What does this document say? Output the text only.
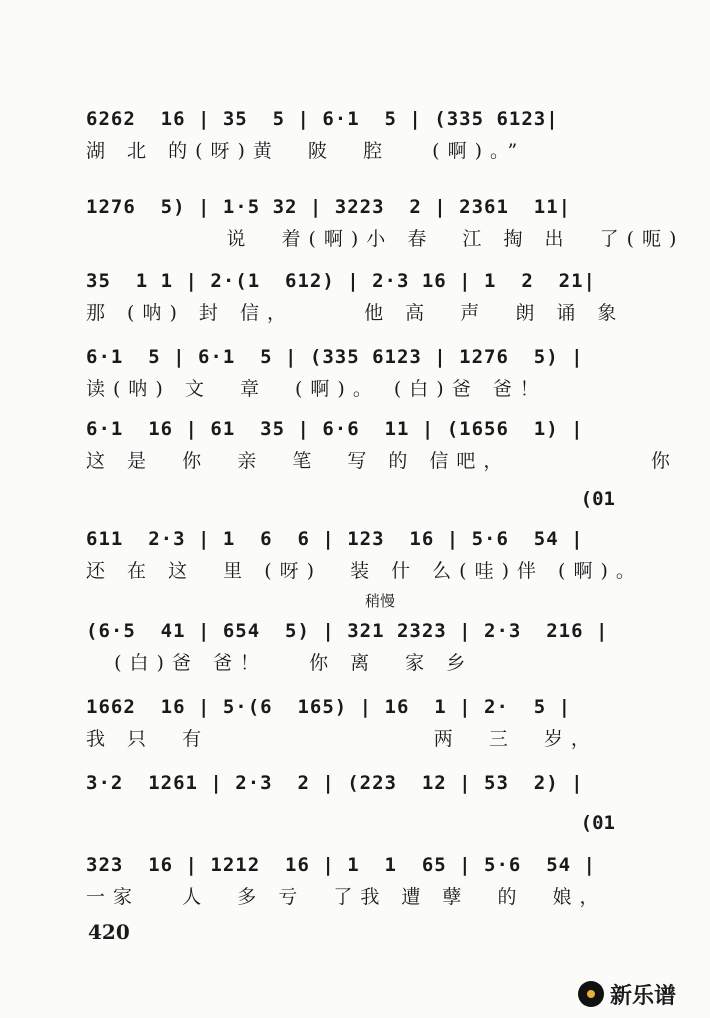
6262  16 | 35  5 | 6·1  5 | (335 6123|
湖 北 的(呀)黄  陂  腔   (啊)。”
1276  5) | 1·5 32 | 3223  2 | 2361  11|
说  着(啊)小 春  江 掏 出  了(呃)
35  1 1 | 2·(1  612) | 2·3 16 | 1  2  21|
那 (呐) 封 信，     他 高  声  朗 诵 象
6·1  5 | 6·1  5 | (335 6123 | 1276  5) |
读(呐) 文  章  (啊)。 (白)爸 爸！
6·1  16 | 61  35 | 6·6  11 | (1656  1) |
这 是  你  亲  笔  写 的 信吧，          你
(01
611  2·3 | 1  6  6 | 123  16 | 5·6  54 |
还 在 这  里 (呀)  装 什 么(哇)伴 (啊)。
稍慢
(6·5  41 | 654  5) | 321 2323 | 2·3  216 |
(白)爸 爸！   你 离  家 乡
1662  16 | 5·(6  165) | 16  1 | 2·  5 |
我 只  有                两  三  岁，
3·2  1261 | 2·3  2 | (223  12 | 53  2) |
(01
323  16 | 1212  16 | 1  1  65 | 5·6  54 |
一家   人  多 亏  了我 遭 孽  的  娘，
420
新乐谱
